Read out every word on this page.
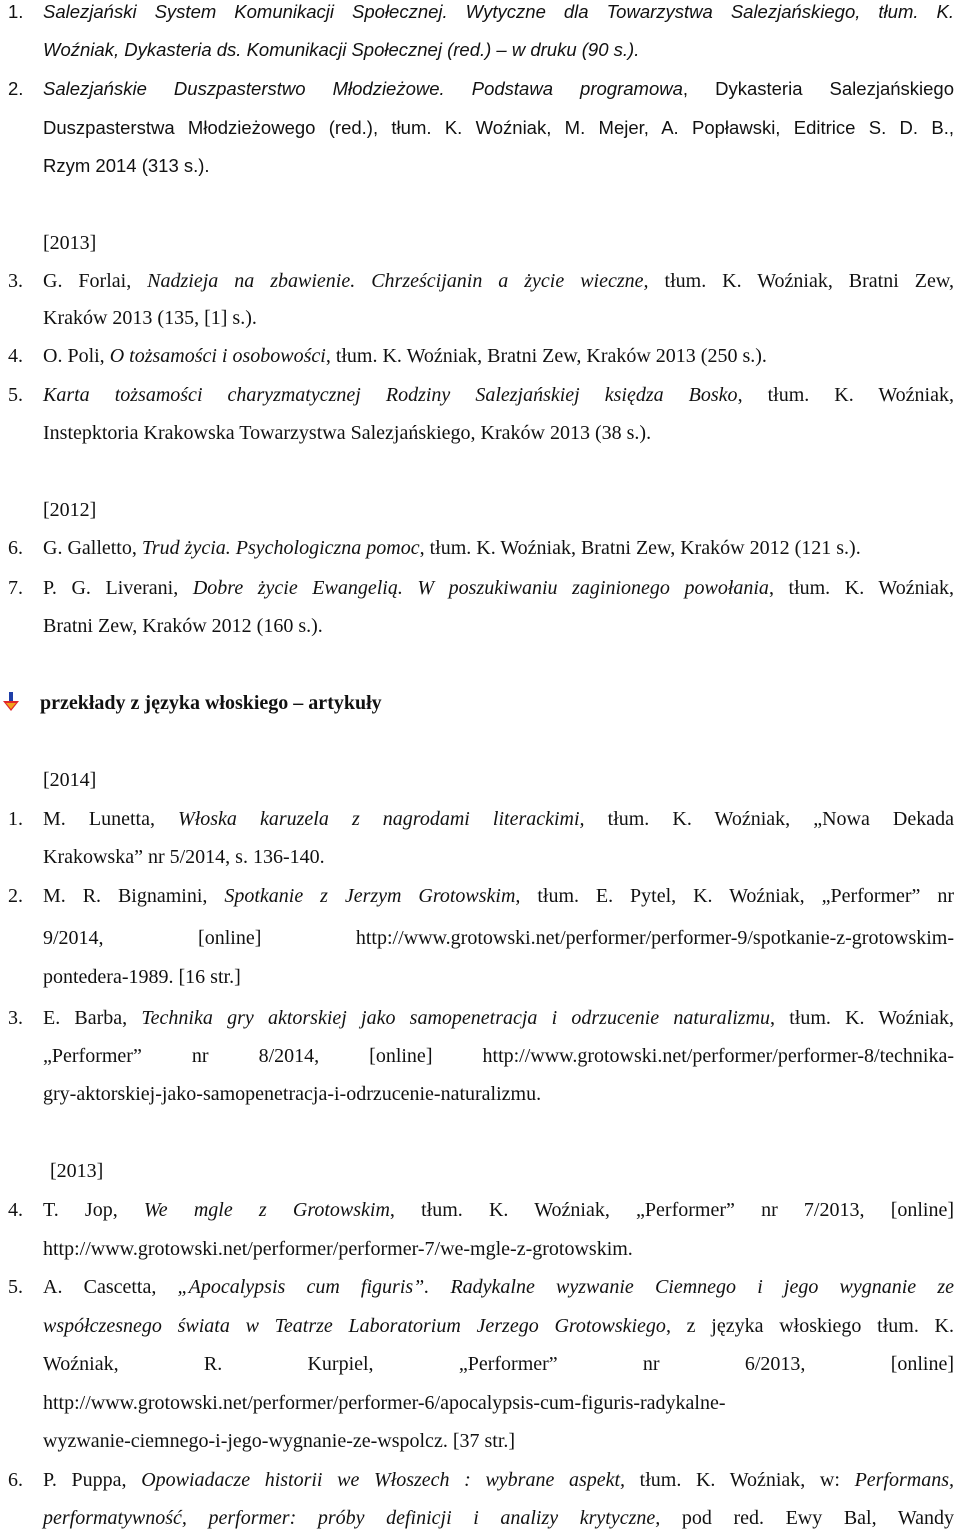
1. Salezjański System Komunikacji Społecznej. Wytyczne dla Towarzystwa Salezjańskiego, tłum. K.
Woźniak, Dykasteria ds. Komunikacji Społecznej (red.) – w druku (90 s.).
2. Salezjańskie Duszpasterstwo Młodzieżowe. Podstawa programowa, Dykasteria Salezjańskiego
Duszpasterstwa Młodzieżowego (red.), tłum. K. Woźniak, M. Mejer, A. Popławski, Editrice S. D. B.,
Rzym 2014 (313 s.).
[2013]
3. G. Forlai, Nadzieja na zbawienie. Chrześcijanin a życie wieczne, tłum. K. Woźniak, Bratni Zew,
Kraków 2013 (135, [1] s.).
4. O. Poli, O tożsamości i osobowości, tłum. K. Woźniak, Bratni Zew, Kraków 2013 (250 s.).
5. Karta tożsamości charyzmatycznej Rodziny Salezjańskiej księdza Bosko, tłum. K. Woźniak,
Instepktoria Krakowska Towarzystwa Salezjańskiego, Kraków 2013 (38 s.).
[2012]
6. G. Galletto, Trud życia. Psychologiczna pomoc, tłum. K. Woźniak, Bratni Zew, Kraków 2012 (121 s.).
7. P. G. Liverani, Dobre życie Ewangelią. W poszukiwaniu zaginionego powołania, tłum. K. Woźniak,
Bratni Zew, Kraków 2012 (160 s.).
przekłady z języka włoskiego – artykuły
[2014]
1. M. Lunetta, Włoska karuzela z nagrodami literackimi, tłum. K. Woźniak, „Nowa Dekada
Krakowska” nr 5/2014, s. 136-140.
2. M. R. Bignamini, Spotkanie z Jerzym Grotowskim, tłum. E. Pytel, K. Woźniak, „Performer” nr
9/2014, [online] http://www.grotowski.net/performer/performer-9/spotkanie-z-grotowskim-
pontedera-1989. [16 str.]
3. E. Barba, Technika gry aktorskiej jako samopenetracja i odrzucenie naturalizmu, tłum. K. Woźniak,
„Performer” nr 8/2014, [online] http://www.grotowski.net/performer/performer-8/technika-
gry-aktorskiej-jako-samopenetracja-i-odrzucenie-naturalizmu.
[2013]
4. T. Jop, We mgle z Grotowskim, tłum. K. Woźniak, „Performer” nr 7/2013, [online]
http://www.grotowski.net/performer/performer-7/we-mgle-z-grotowskim.
5. A. Cascetta, „Apocalypsis cum figuris”. Radykalne wyzwanie Ciemnego i jego wygnanie ze
współczesnego świata w Teatrze Laboratorium Jerzego Grotowskiego, z języka włoskiego tłum. K.
Woźniak, R. Kurpiel, „Performer” nr 6/2013, [online]
http://www.grotowski.net/performer/performer-6/apocalypsis-cum-figuris-radykalne-
wyzwanie-ciemnego-i-jego-wygnanie-ze-wspolcz. [37 str.]
6. P. Puppa, Opowiadacze historii we Włoszech : wybrane aspekt, tłum. K. Woźniak, w: Performans,
performatywność, performer: próby definicji i analizy krytyczne, pod red. Ewy Bal, Wandy
